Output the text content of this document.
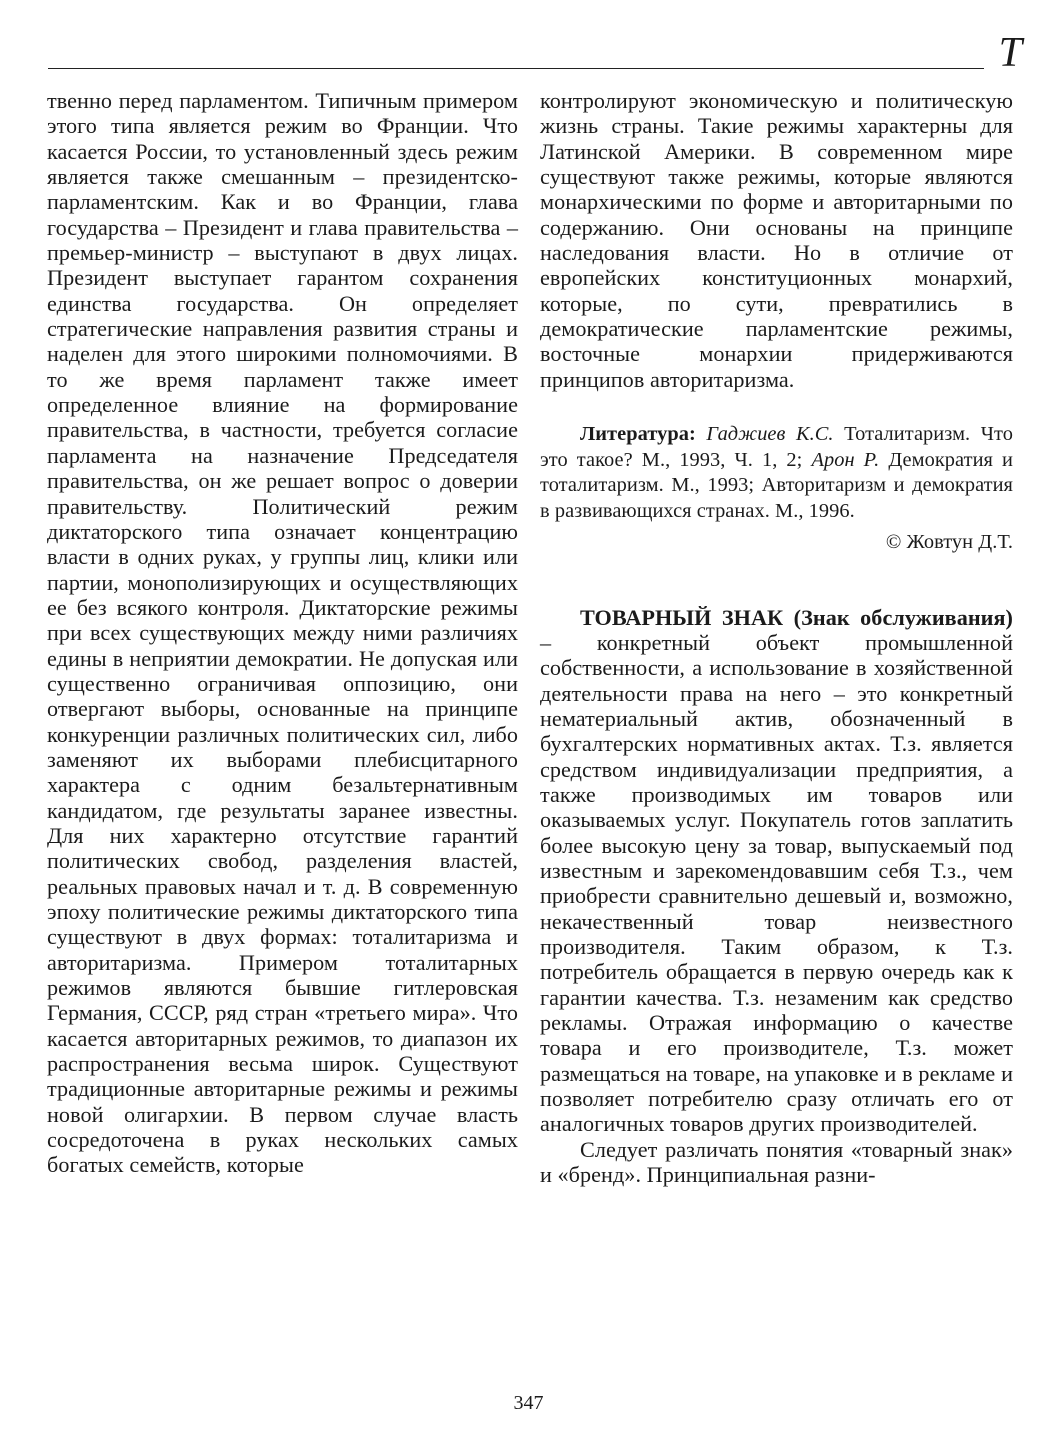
Т

твенно перед парламентом. Типичным примером этого типа является режим во Франции. Что касается России, то установленный здесь режим является также смешанным – президентско-парламентским. Как и во Франции, глава государства – Президент и глава правительства – премьер-министр – выступают в двух лицах. Президент выступает гарантом сохранения единства государства. Он определяет стратегические направления развития страны и наделен для этого широкими полномочиями. В то же время парламент также имеет определенное влияние на формирование правительства, в частности, требуется согласие парламента на назначение Председателя правительства, он же решает вопрос о доверии правительству. Политический режим диктаторского типа означает концентрацию власти в одних руках, у группы лиц, клики или партии, монополизирующих и осуществляющих ее без всякого контроля. Диктаторские режимы при всех существующих между ними различиях едины в неприятии демократии. Не допуская или существенно ограничивая оппозицию, они отвергают выборы, основанные на принципе конкуренции различных политических сил, либо заменяют их выборами плебисцитарного характера с одним безальтернативным кандидатом, где результаты заранее известны. Для них характерно отсутствие гарантий политических свобод, разделения властей, реальных правовых начал и т. д. В современную эпоху политические режимы диктаторского типа существуют в двух формах: тоталитаризма и авторитаризма. Примером тоталитарных режимов являются бывшие гитлеровская Германия, СССР, ряд стран «третьего мира». Что касается авторитарных режимов, то диапазон их распространения весьма широк. Существуют традиционные авторитарные режимы и режимы новой олигархии. В первом случае власть сосредоточена в руках нескольких самых богатых семейств, которые

контролируют экономическую и политическую жизнь страны. Такие режимы характерны для Латинской Америки. В современном мире существуют также режимы, которые являются монархическими по форме и авторитарными по содержанию. Они основаны на принципе наследования власти. Но в отличие от европейских конституционных монархий, которые, по сути, превратились в демократические парламентские режимы, восточные монархии придерживаются принципов авторитаризма.

Литература: Гаджиев К.С. Тоталитаризм. Что это такое? М., 1993, Ч. 1, 2; Арон Р. Демократия и тоталитаризм. М., 1993; Авторитаризм и демократия в развивающихся странах. М., 1996.

© Жовтун Д.Т.

ТОВАРНЫЙ ЗНАК (Знак обслуживания) – конкретный объект промышленной собственности, а использование в хозяйственной деятельности права на него – это конкретный нематериальный актив, обозначенный в бухгалтерских нормативных актах. Т.з. является средством индивидуализации предприятия, а также производимых им товаров или оказываемых услуг. Покупатель готов заплатить более высокую цену за товар, выпускаемый под известным и зарекомендовавшим себя Т.з., чем приобрести сравнительно дешевый и, возможно, некачественный товар неизвестного производителя. Таким образом, к Т.з. потребитель обращается в первую очередь как к гарантии качества. Т.з. незаменим как средство рекламы. Отражая информацию о качестве товара и его производителе, Т.з. может размещаться на товаре, на упаковке и в рекламе и позволяет потребителю сразу отличать его от аналогичных товаров других производителей.

Следует различать понятия «товарный знак» и «бренд». Принципиальная разни-

347
